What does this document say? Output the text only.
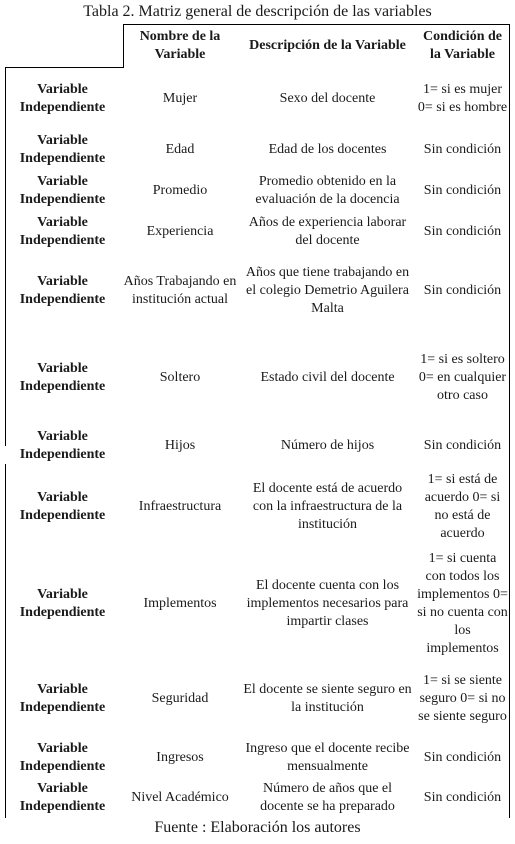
Tabla 2. Matriz general de descripción de las variables
	Nombre de la Variable	Descripción de la Variable	Condición de la Variable
Variable Independiente	Mujer	Sexo del docente	1= si es mujer 0= si es hombre
Variable Independiente	Edad	Edad de los docentes	Sin condición
Variable Independiente	Promedio	Promedio obtenido en la evaluación de la docencia	Sin condición
Variable Independiente	Experiencia	Años de experiencia laborar del docente	Sin condición
Variable Independiente	Años Trabajando en institución actual	Años que tiene trabajando en el colegio Demetrio Aguilera Malta	Sin condición
Variable Independiente	Soltero	Estado civil del docente	1= si es soltero 0= en cualquier otro caso
Variable Independiente	Hijos	Número de hijos	Sin condición
Variable Independiente	Infraestructura	El docente está de acuerdo con la infraestructura de la institución	1= si está de acuerdo 0= si no está de acuerdo
Variable Independiente	Implementos	El docente cuenta con los implementos necesarios para impartir clases	1= si cuenta con todos los implementos 0= si no cuenta con los implementos
Variable Independiente	Seguridad	El docente se siente seguro en la institución	1= si se siente seguro 0= si no se siente seguro
Variable Independiente	Ingresos	Ingreso que el docente recibe mensualmente	Sin condición
Variable Independiente	Nivel Académico	Número de años que el docente se ha preparado	Sin condición
Fuente : Elaboración los autores
